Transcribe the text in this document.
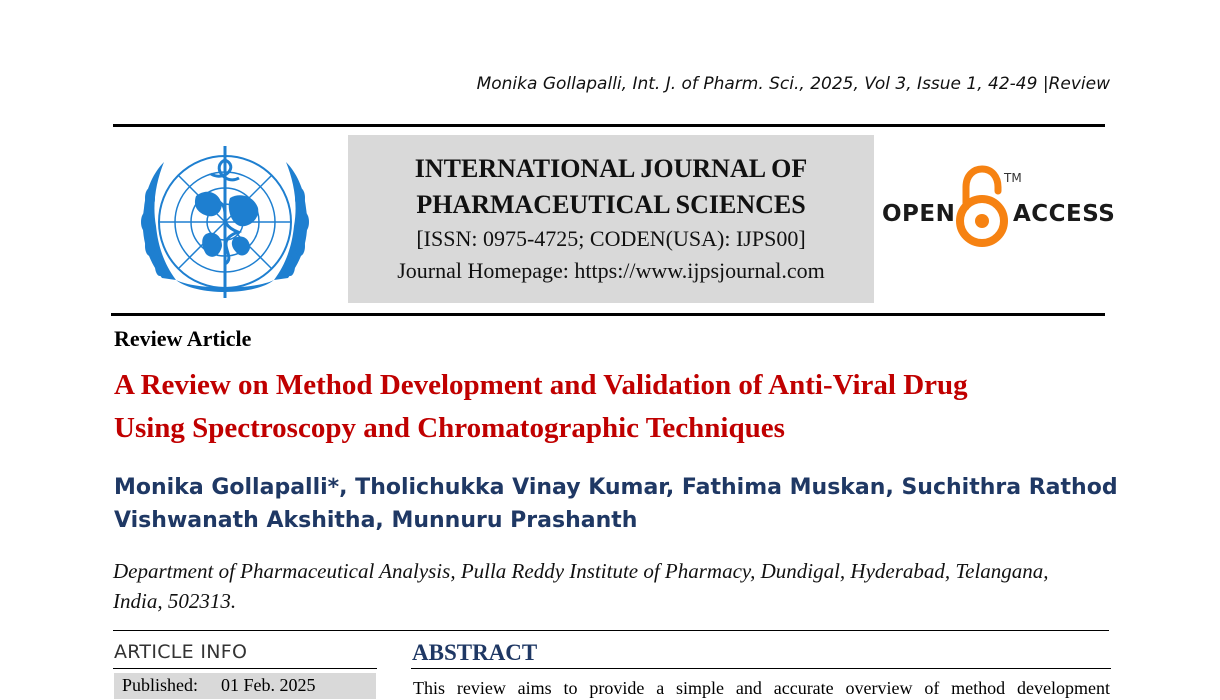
Monika Gollapalli, Int. J. of Pharm. Sci., 2025, Vol 3, Issue 1, 42-49 |Review
INTERNATIONAL JOURNAL OF
PHARMACEUTICAL SCIENCES
[ISSN: 0975-4725; CODEN(USA): IJPS00]
Journal Homepage: https://www.ijpsjournal.com
OPEN
TM
ACCESS
Review Article
A Review on Method Development and Validation of Anti-Viral Drug
Using Spectroscopy and Chromatographic Techniques
Monika Gollapalli*, Tholichukka Vinay Kumar, Fathima Muskan, Suchithra Rathod
Vishwanath Akshitha, Munnuru Prashanth
Department of Pharmaceutical Analysis, Pulla Reddy Institute of Pharmacy, Dundigal, Hyderabad, Telangana,
India, 502313.
ARTICLE INFO
Published: 01 Feb. 2025
ABSTRACT
This review aims to provide a simple and accurate overview of method development
